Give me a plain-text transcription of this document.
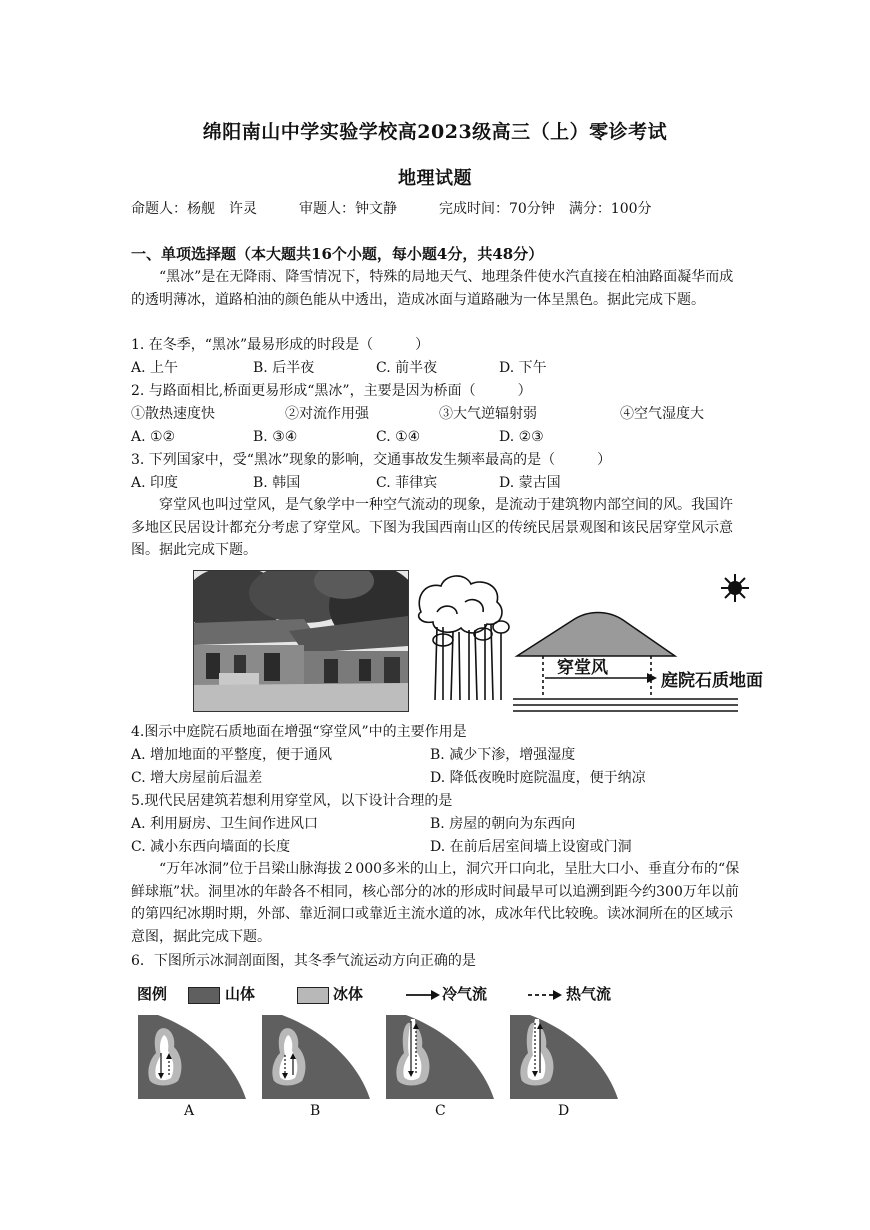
绵阳南山中学实验学校高2023级高三（上）零诊考试
地理试题
命题人：杨舰　许灵　　　审题人：钟文静　　　完成时间：70分钟　满分：100分
一、单项选择题（本大题共16个小题，每小题4分，共48分）
“黑冰”是在无降雨、降雪情况下，特殊的局地天气、地理条件使水汽直接在柏油路面凝华而成的透明薄冰，道路柏油的颜色能从中透出，造成冰面与道路融为一体呈黑色。据此完成下题。
1. 在冬季，“黑冰”最易形成的时段是（　　　）
A. 上午	B. 后半夜	C. 前半夜	D. 下午
2. 与路面相比,桥面更易形成“黑冰”，主要是因为桥面（　　　）
①散热速度快	②对流作用强	③大气逆辐射弱	④空气湿度大
A. ①②	B. ③④	C. ①④	D. ②③
3. 下列国家中，受“黑冰”现象的影响，交通事故发生频率最高的是（　　　）
A. 印度	B. 韩国	C. 菲律宾	D. 蒙古国
穿堂风也叫过堂风，是气象学中一种空气流动的现象，是流动于建筑物内部空间的风。我国许多地区民居设计都充分考虑了穿堂风。下图为我国西南山区的传统民居景观图和该民居穿堂风示意图。据此完成下题。
穿堂风
庭院石质地面
4.图示中庭院石质地面在增强“穿堂风”中的主要作用是
A. 增加地面的平整度，便于通风	B. 减少下渗，增强湿度
C. 增大房屋前后温差	D. 降低夜晚时庭院温度，便于纳凉
5.现代民居建筑若想利用穿堂风，以下设计合理的是
A. 利用厨房、卫生间作进风口	B. 房屋的朝向为东西向
C. 减小东西向墙面的长度	D. 在前后居室间墙上设窗或门洞
“万年冰洞”位于吕梁山脉海拔２000多米的山上，洞穴开口向北，呈肚大口小、垂直分布的“保鲜球瓶”状。洞里冰的年龄各不相同，核心部分的冰的形成时间最早可以追溯到距今约300万年以前的第四纪冰期时期，外部、靠近洞口或靠近主流水道的冰，成冰年代比较晚。读冰洞所在的区域示意图，据此完成下题。
6．下图所示冰洞剖面图，其冬季气流运动方向正确的是
图例	山体	冰体	冷气流	热气流
A	B	C	D
